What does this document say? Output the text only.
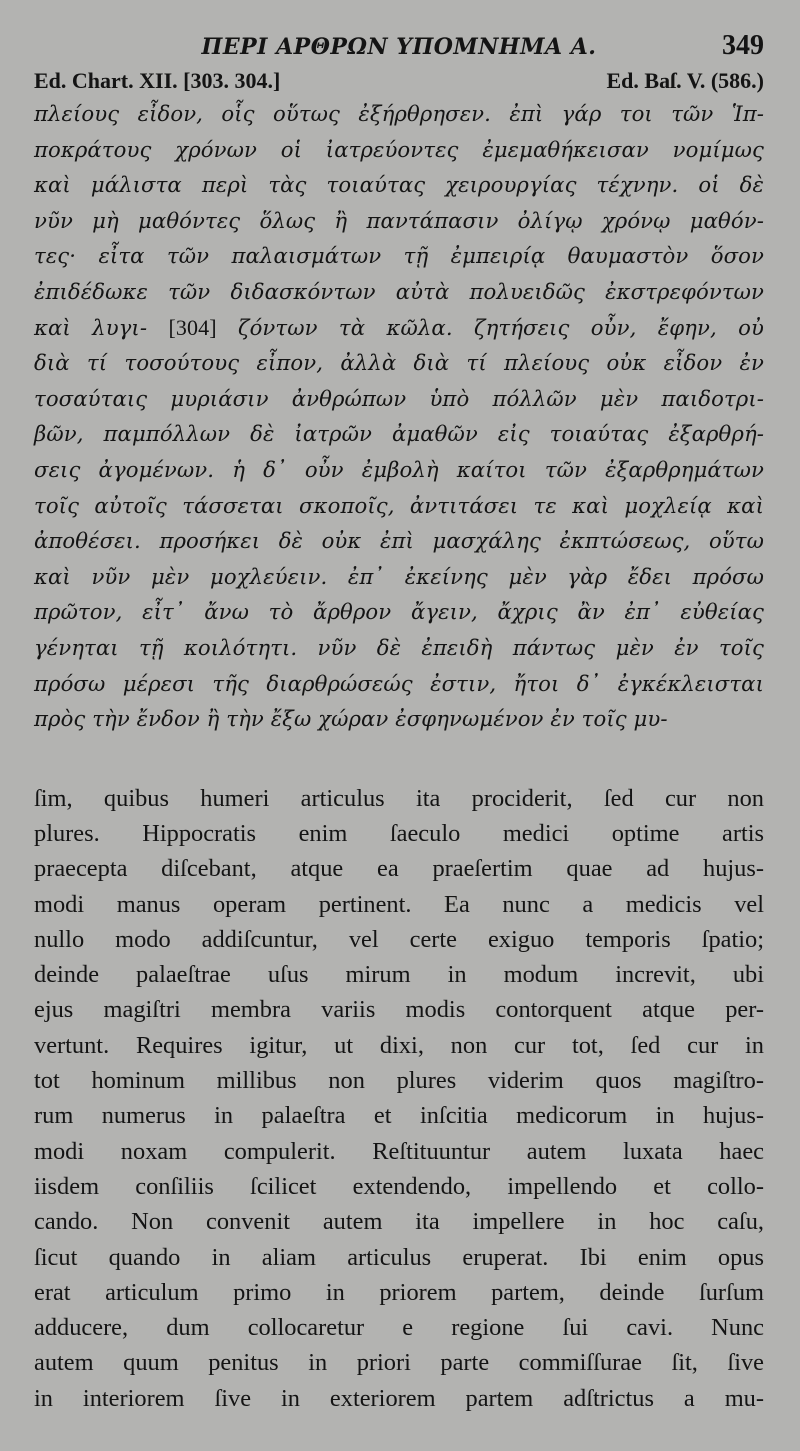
ΠΕΡΙ ΑΡΘΡΩΝ ΥΠΟΜΝΗΜΑ Α.	349
Ed. Chart. XII. [303. 304.]	Ed. Baſ. V. (586.)
πλείους εἶδον, οἷς οὕτως ἐξήρθρησεν. ἐπὶ γάρ τοι τῶν Ἱπ-
ποκράτους χρόνων οἱ ἰατρεύοντες ἐμεμαθήκεισαν νομίμως
καὶ μάλιστα περὶ τὰς τοιαύτας χειρουργίας τέχνην. οἱ δὲ
νῦν μὴ μαθόντες ὅλως ἢ παντάπασιν ὀλίγῳ χρόνῳ μαθόν-
τες· εἶτα τῶν παλαισμάτων τῇ ἐμπειρίᾳ θαυμαστὸν ὅσον
ἐπιδέδωκε τῶν διδασκόντων αὐτὰ πολυειδῶς ἐκστρεφόντων
καὶ λυγι- [304] ζόντων τὰ κῶλα. ζητήσεις οὖν, ἔφην, οὐ
διὰ τί τοσούτους εἶπον, ἀλλὰ διὰ τί πλείους οὐκ εἶδον ἐν
τοσαύταις μυριάσιν ἀνθρώπων ὑπὸ πόλλῶν μὲν παιδοτρι-
βῶν, παμπόλλων δὲ ἰατρῶν ἀμαθῶν εἰς τοιαύτας ἐξαρθρή-
σεις ἀγομένων. ἡ δ᾽ οὖν ἐμβολὴ καίτοι τῶν ἐξαρθρημάτων
τοῖς αὐτοῖς τάσσεται σκοποῖς, ἀντιτάσει τε καὶ μοχλείᾳ καὶ
ἀποθέσει. προσήκει δὲ οὐκ ἐπὶ μασχάλης ἐκπτώσεως, οὕτω
καὶ νῦν μὲν μοχλεύειν. ἐπ᾽ ἐκείνης μὲν γὰρ ἔδει πρόσω
πρῶτον, εἶτ᾽ ἄνω τὸ ἄρθρον ἄγειν, ἄχρις ἂν ἐπ᾽ εὐθείας
γένηται τῇ κοιλότητι. νῦν δὲ ἐπειδὴ πάντως μὲν ἐν τοῖς
πρόσω μέρεσι τῆς διαρθρώσεώς ἐστιν, ἤτοι δ᾽ ἐγκέκλεισται
πρὸς τὴν ἔνδον ἢ τὴν ἔξω χώραν ἐσφηνωμένον ἐν τοῖς μυ-
ſim, quibus humeri articulus ita prociderit, ſed cur non
plures. Hippocratis enim ſaeculo medici optime artis
praecepta diſcebant, atque ea praeſertim quae ad hujus-
modi manus operam pertinent. Ea nunc a medicis vel
nullo modo addiſcuntur, vel certe exiguo temporis ſpatio;
deinde palaeſtrae uſus mirum in modum increvit, ubi
ejus magiſtri membra variis modis contorquent atque per-
vertunt. Requires igitur, ut dixi, non cur tot, ſed cur in
tot hominum millibus non plures viderim quos magiſtro-
rum numerus in palaeſtra et inſcitia medicorum in hujus-
modi noxam compulerit. Reſtituuntur autem luxata haec
iisdem conſiliis ſcilicet extendendo, impellendo et collo-
cando. Non convenit autem ita impellere in hoc caſu,
ſicut quando in aliam articulus eruperat. Ibi enim opus
erat articulum primo in priorem partem, deinde ſurſum
adducere, dum collocaretur e regione ſui cavi. Nunc
autem quum penitus in priori parte commiſſurae ſit, ſive
in interiorem ſive in exteriorem partem adſtrictus a mu-
